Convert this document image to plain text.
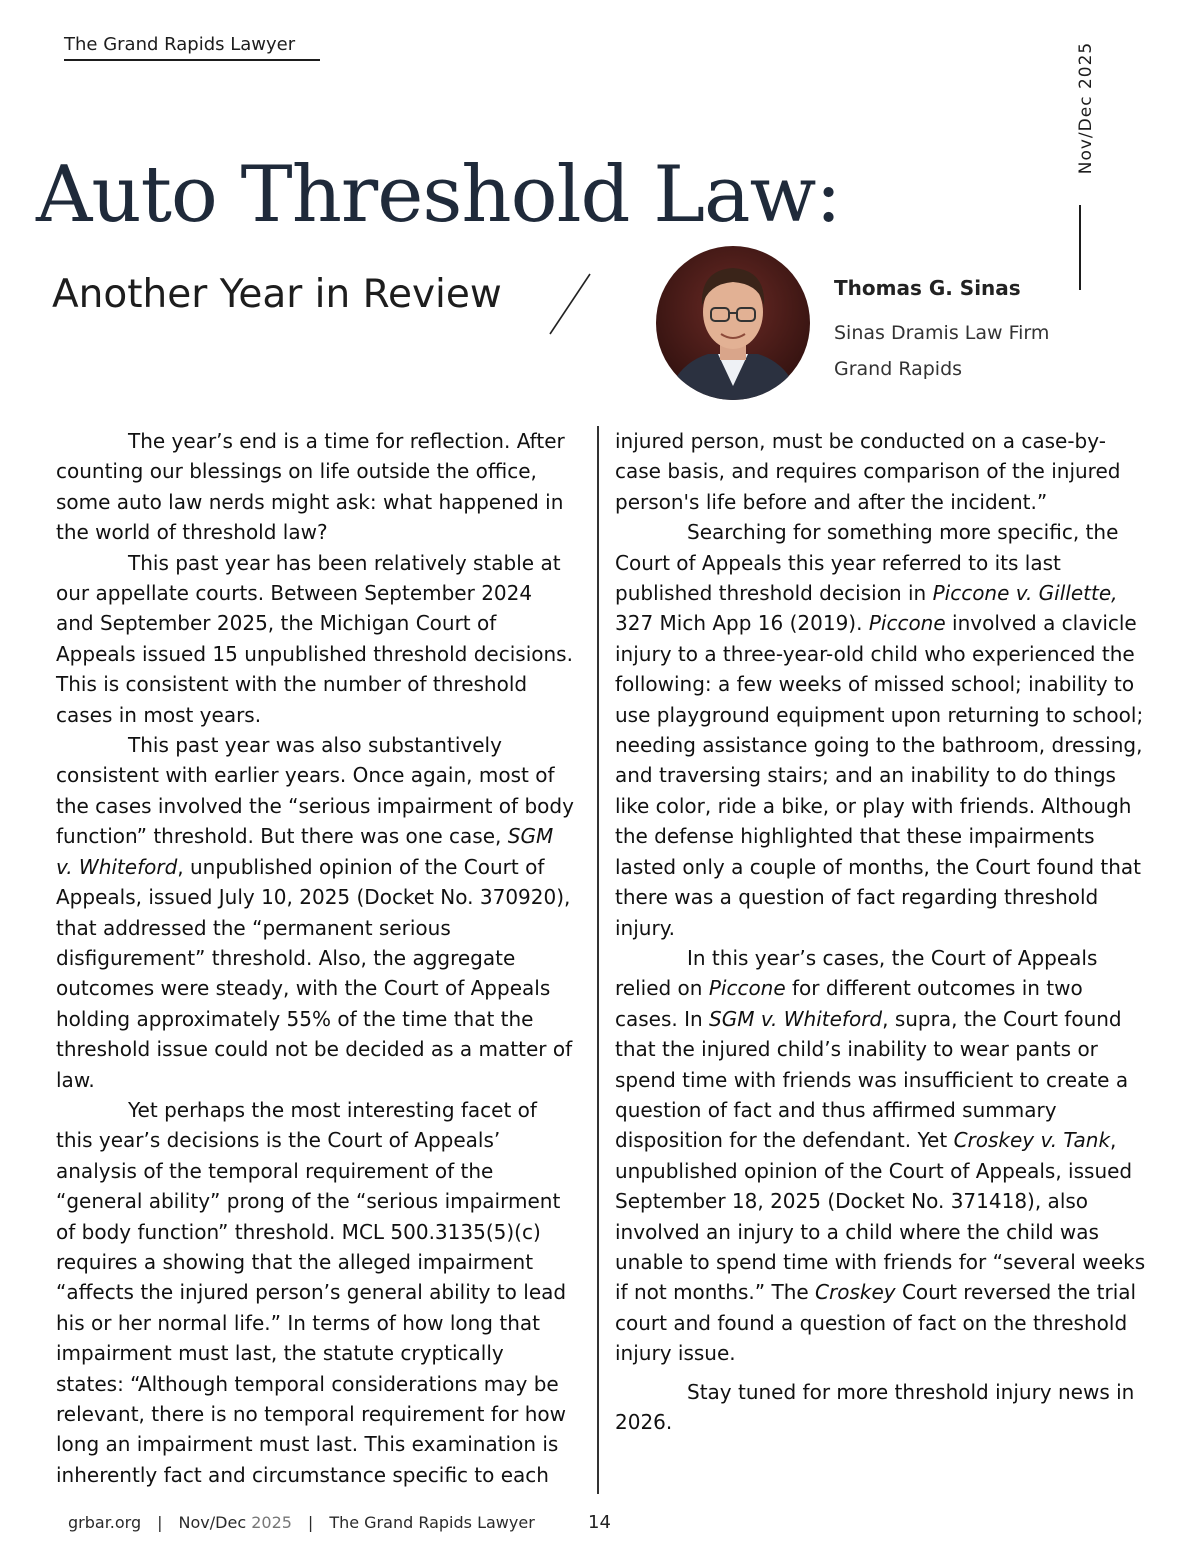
The Grand Rapids Lawyer	Nov/Dec 2025
Auto Threshold Law:
Another Year in Review	Thomas G. Sinas
Sinas Dramis Law Firm
Grand Rapids

The year’s end is a time for reflection. After counting our blessings on life outside the office, some auto law nerds might ask: what happened in the world of threshold law?

This past year has been relatively stable at our appellate courts. Between September 2024 and September 2025, the Michigan Court of Appeals issued 15 unpublished threshold decisions. This is consistent with the number of threshold cases in most years.

This past year was also substantively consistent with earlier years. Once again, most of the cases involved the “serious impairment of body function” threshold. But there was one case, SGM v. Whiteford, unpublished opinion of the Court of Appeals, issued July 10, 2025 (Docket No. 370920), that addressed the “permanent serious disfigurement” threshold. Also, the aggregate outcomes were steady, with the Court of Appeals holding approximately 55% of the time that the threshold issue could not be decided as a matter of law.

Yet perhaps the most interesting facet of this year’s decisions is the Court of Appeals’ analysis of the temporal requirement of the “general ability” prong of the “serious impairment of body function” threshold. MCL 500.3135(5)(c) requires a showing that the alleged impairment “affects the injured person’s general ability to lead his or her normal life.” In terms of how long that impairment must last, the statute cryptically states: “Although temporal considerations may be relevant, there is no temporal requirement for how long an impairment must last. This examination is inherently fact and circumstance specific to each

injured person, must be conducted on a case-by-case basis, and requires comparison of the injured person's life before and after the incident.”

Searching for something more specific, the Court of Appeals this year referred to its last published threshold decision in Piccone v. Gillette, 327 Mich App 16 (2019). Piccone involved a clavicle injury to a three-year-old child who experienced the following: a few weeks of missed school; inability to use playground equipment upon returning to school; needing assistance going to the bathroom, dressing, and traversing stairs; and an inability to do things like color, ride a bike, or play with friends. Although the defense highlighted that these impairments lasted only a couple of months, the Court found that there was a question of fact regarding threshold injury.

In this year’s cases, the Court of Appeals relied on Piccone for different outcomes in two cases. In SGM v. Whiteford, supra, the Court found that the injured child’s inability to wear pants or spend time with friends was insufficient to create a question of fact and thus affirmed summary disposition for the defendant. Yet Croskey v. Tank, unpublished opinion of the Court of Appeals, issued September 18, 2025 (Docket No. 371418), also involved an injury to a child where the child was unable to spend time with friends for “several weeks if not months.” The Croskey Court reversed the trial court and found a question of fact on the threshold injury issue.

Stay tuned for more threshold injury news in 2026.

grbar.org | Nov/Dec 2025 | The Grand Rapids Lawyer	14
